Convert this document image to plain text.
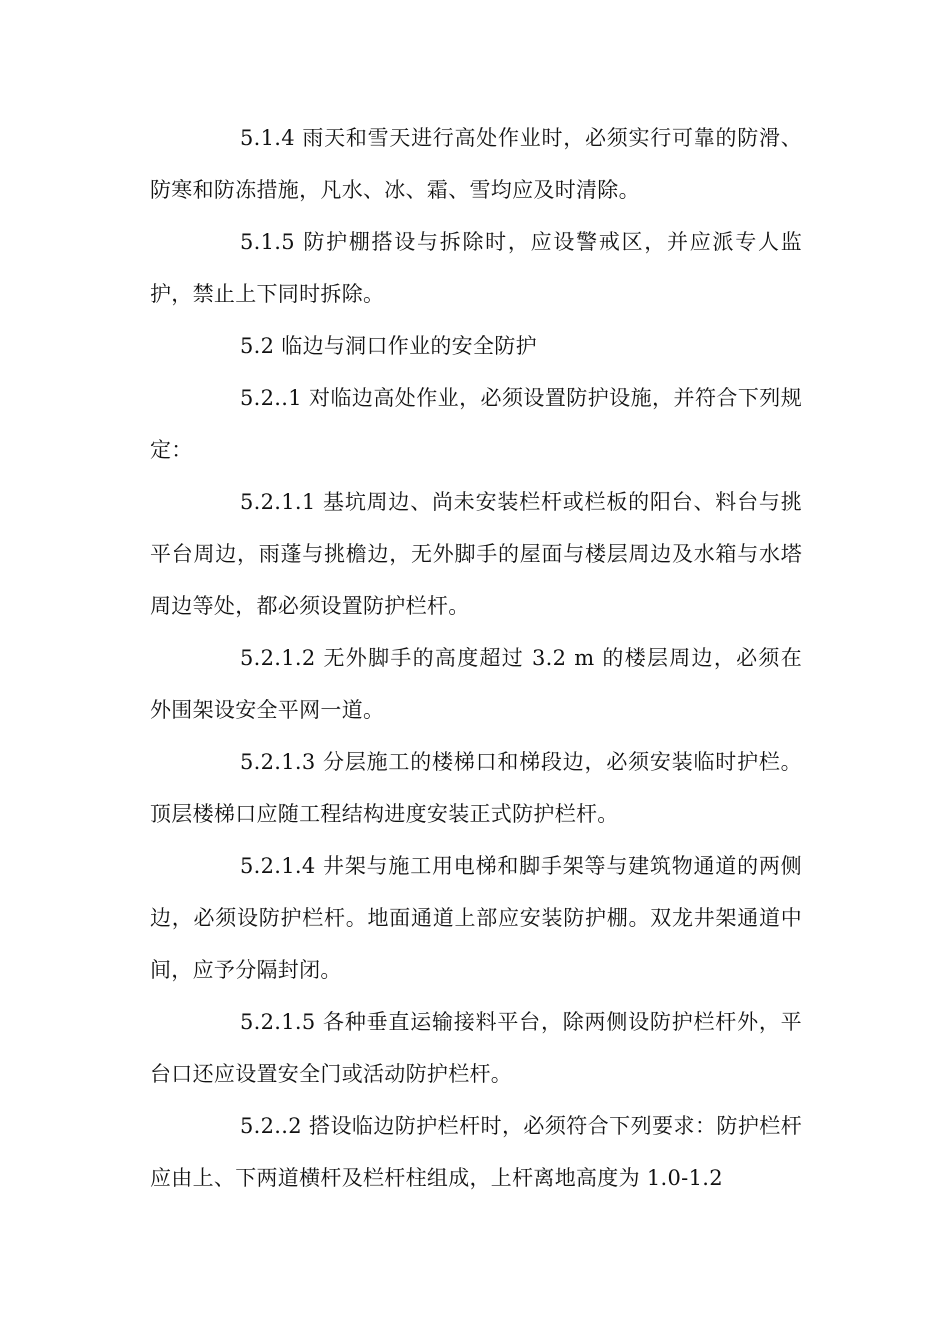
5.1.4 雨天和雪天进行高处作业时，必须实行可靠的防滑、防寒和防冻措施，凡水、冰、霜、雪均应及时清除。

5.1.5 防护棚搭设与拆除时，应设警戒区，并应派专人监护，禁止上下同时拆除。

5.2 临边与洞口作业的安全防护

5.2..1 对临边高处作业，必须设置防护设施，并符合下列规定：

5.2.1.1 基坑周边、尚未安装栏杆或栏板的阳台、料台与挑平台周边，雨蓬与挑檐边，无外脚手的屋面与楼层周边及水箱与水塔周边等处，都必须设置防护栏杆。

5.2.1.2 无外脚手的高度超过 3.2 m 的楼层周边，必须在外围架设安全平网一道。

5.2.1.3 分层施工的楼梯口和梯段边，必须安装临时护栏。顶层楼梯口应随工程结构进度安装正式防护栏杆。

5.2.1.4 井架与施工用电梯和脚手架等与建筑物通道的两侧边，必须设防护栏杆。地面通道上部应安装防护棚。双龙井架通道中间，应予分隔封闭。

5.2.1.5 各种垂直运输接料平台，除两侧设防护栏杆外，平台口还应设置安全门或活动防护栏杆。

5.2..2 搭设临边防护栏杆时，必须符合下列要求：防护栏杆应由上、下两道横杆及栏杆柱组成，上杆离地高度为 1.0-1.2
